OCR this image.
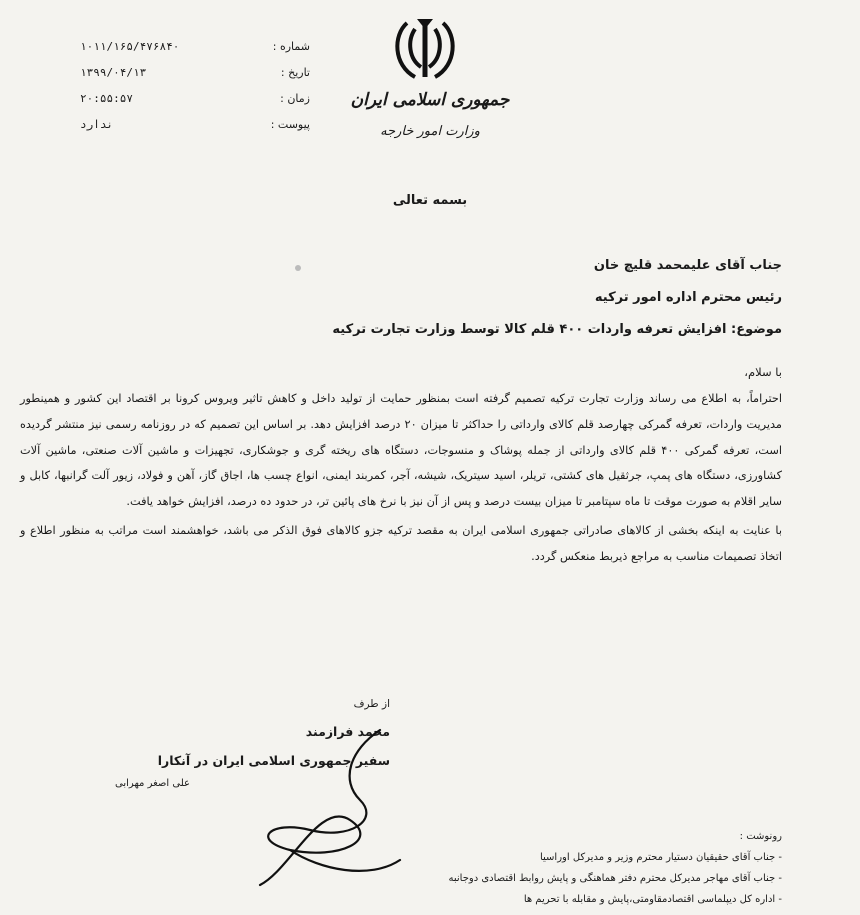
شماره :
۱۰۱۱/۱۶۵/۴۷۶۸۴۰
تاریخ :
۱۳۹۹/۰۴/۱۳
زمان :
۲۰:۵۵:۵۷
پیوست :
ندارد
جمهوری اسلامی ایران
وزارت امور خارجه
بسمه تعالی
جناب آقای علیمحمد قلیچ خان
رئیس محترم اداره امور ترکیه
موضوع: افزایش تعرفه واردات ۴۰۰ قلم کالا توسط وزارت تجارت ترکیه
با سلام،

احتراماً، به اطلاع می رساند وزارت تجارت ترکیه تصمیم گرفته است بمنظور حمایت از تولید داخل و کاهش تاثیر ویروس کرونا بر اقتصاد این کشور و همینطور مدیریت واردات، تعرفه گمرکی چهارصد قلم کالای وارداتی را حداکثر تا میزان ۲۰ درصد افزایش دهد. بر اساس این تصمیم که در روزنامه رسمی نیز منتشر گردیده است، تعرفه گمرکی ۴۰۰ قلم کالای وارداتی از جمله پوشاک و منسوجات، دستگاه های ریخته گری و جوشکاری، تجهیزات و ماشین آلات صنعتی، ماشین آلات کشاورزی، دستگاه های پمپ، جرثقیل های کشتی، تریلر، اسید سیتریک، شیشه، آجر، کمربند ایمنی، انواع چسب ها، اجاق گاز، آهن و فولاد، زیور آلت گرانبها، کابل و سایر اقلام به صورت موقت تا ماه سپتامبر تا میزان بیست درصد و پس از آن نیز با نرخ های پائین تر، در حدود ده درصد، افزایش خواهد یافت.

با عنایت به اینکه بخشی از کالاهای صادراتی جمهوری اسلامی ایران به مقصد ترکیه جزو کالاهای فوق الذکر می باشد، خواهشمند است مراتب به منظور اطلاع و اتخاذ تصمیمات مناسب به مراجع ذیربط منعکس گردد.

از طرف
محمد فرازمند
سفیر جمهوری اسلامی ایران در آنکارا
علی اصغر مهرابی
رونوشت :
- جناب آقای حقیقیان دستیار محترم وزیر و مدیرکل اوراسیا
- جناب آقای مهاجر مدیرکل محترم دفتر هماهنگی و پایش روابط اقتصادی دوجانبه
- اداره کل دیپلماسی اقتصادمقاومتی،پایش و مقابله با تحریم ها
